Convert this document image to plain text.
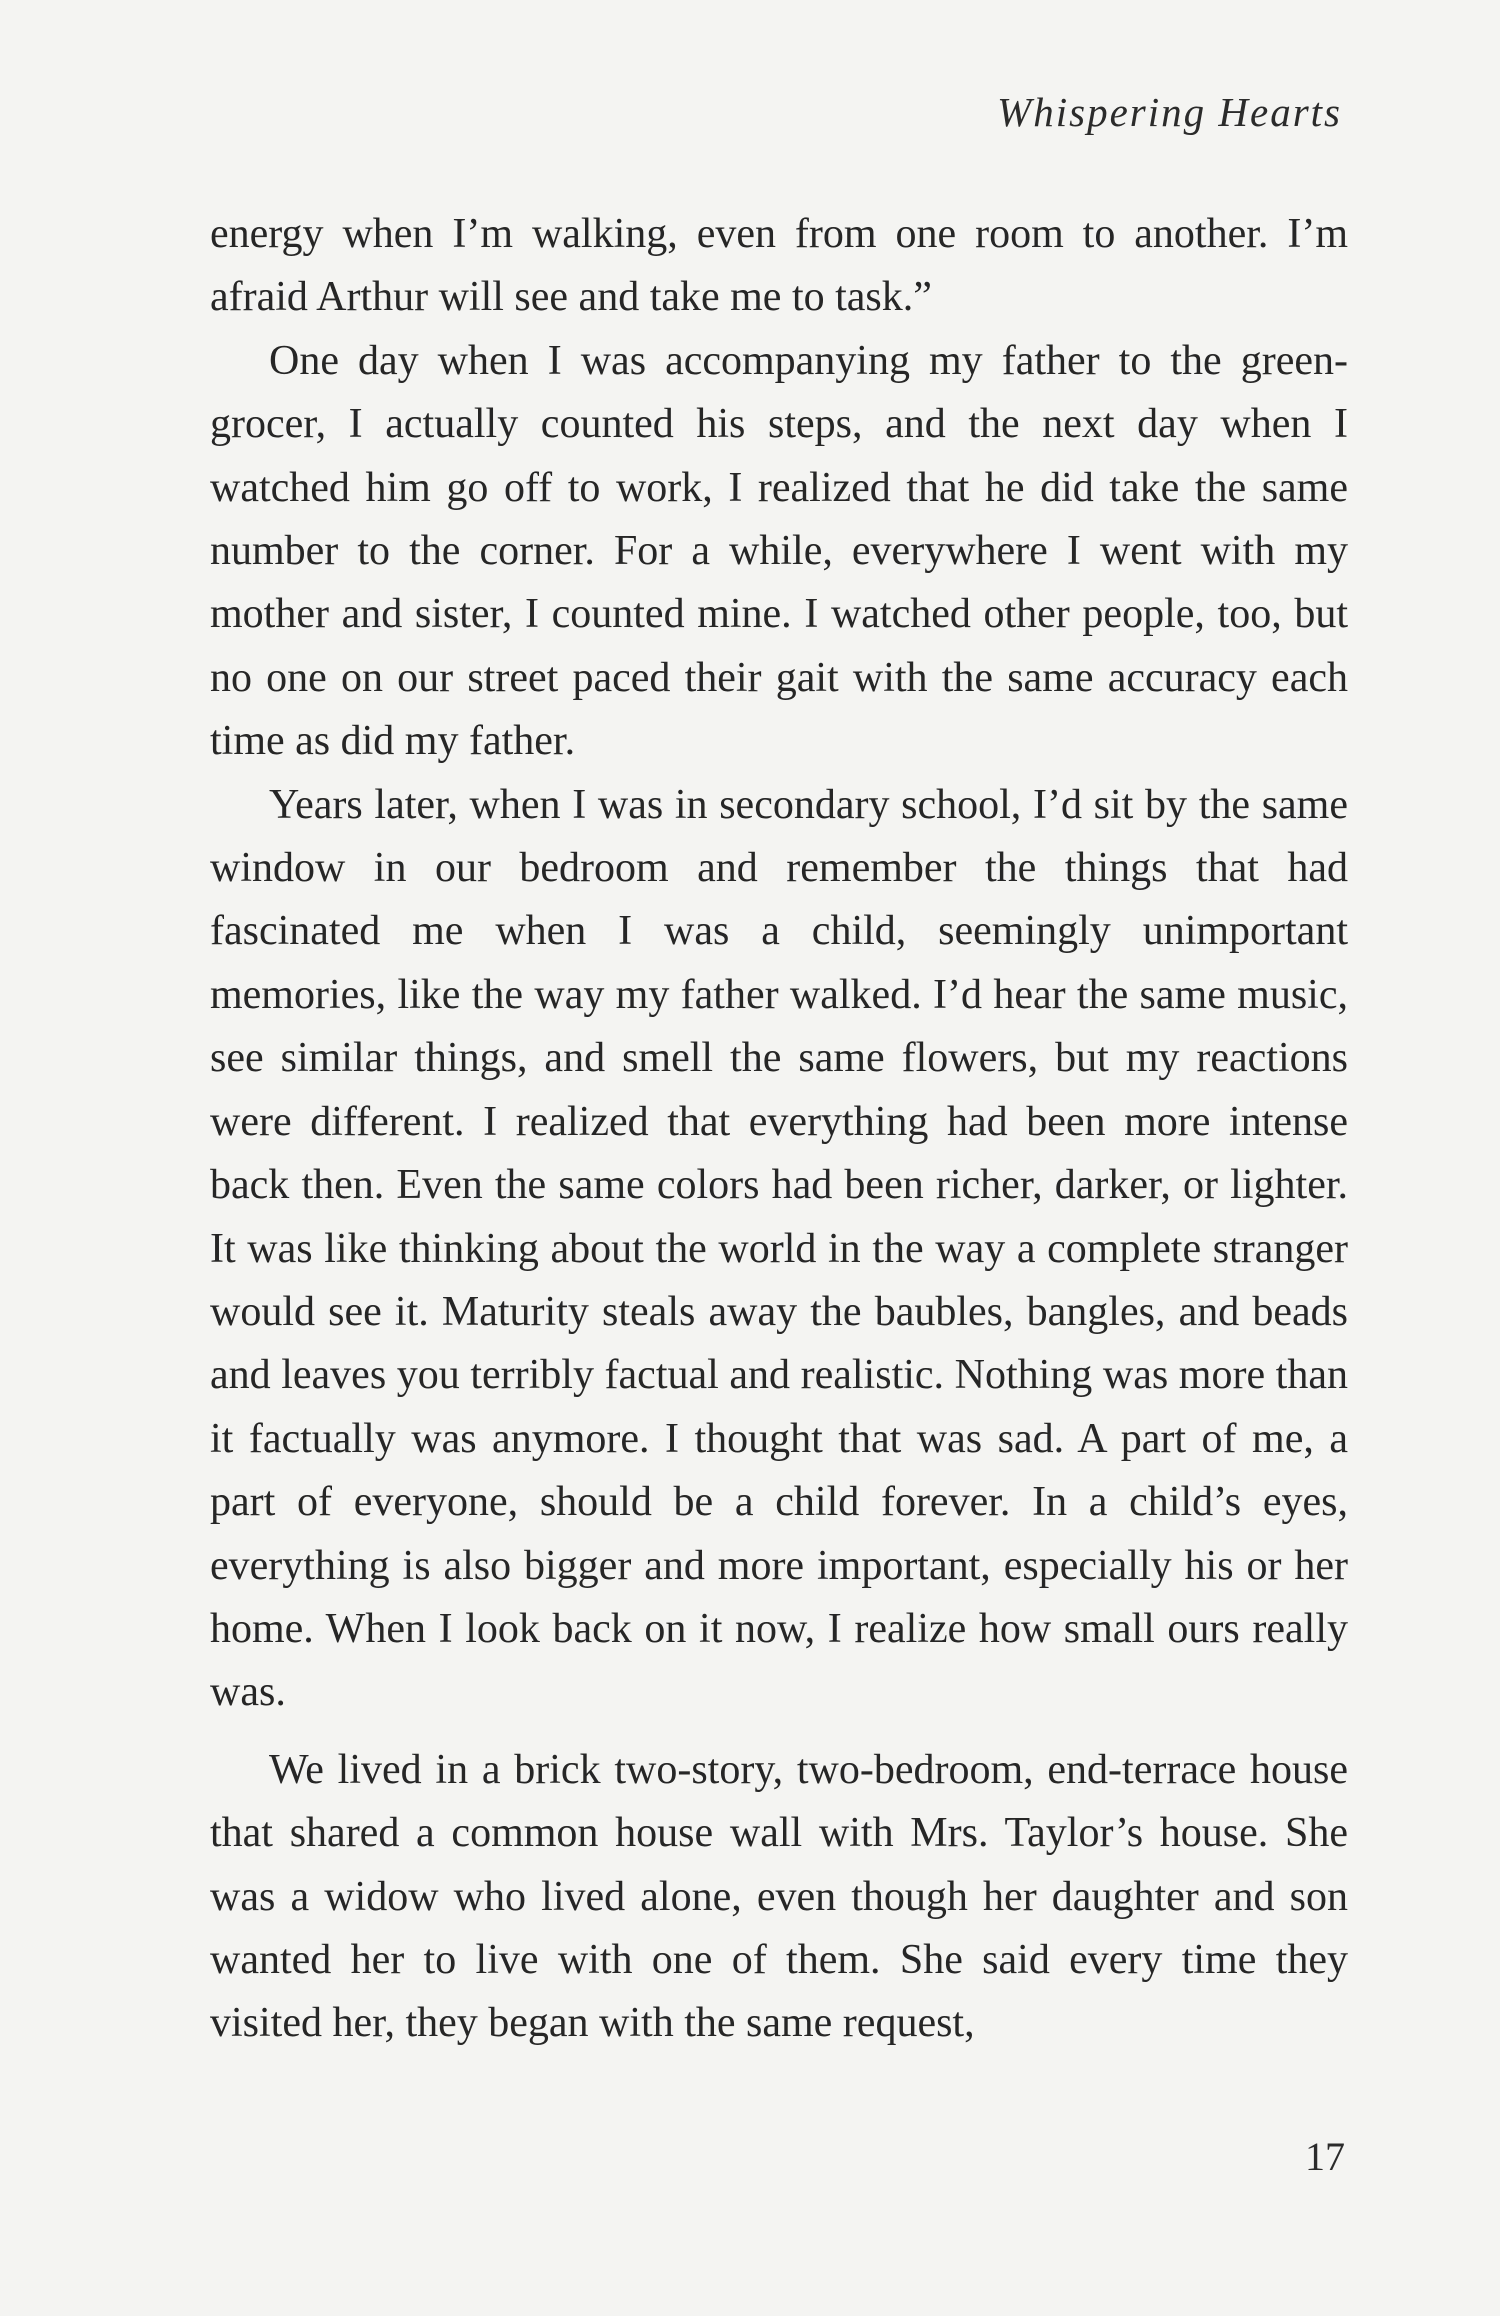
Whispering Hearts

energy when I’m walking, even from one room to another. I’m afraid Arthur will see and take me to task.”

One day when I was accompanying my father to the greengrocer, I actually counted his steps, and the next day when I watched him go off to work, I realized that he did take the same number to the corner. For a while, everywhere I went with my mother and sister, I counted mine. I watched other people, too, but no one on our street paced their gait with the same accuracy each time as did my father.

Years later, when I was in secondary school, I’d sit by the same window in our bedroom and remember the things that had fascinated me when I was a child, seemingly unimportant memories, like the way my father walked. I’d hear the same music, see similar things, and smell the same flowers, but my reactions were different. I realized that everything had been more intense back then. Even the same colors had been richer, darker, or lighter. It was like thinking about the world in the way a complete stranger would see it. Maturity steals away the baubles, bangles, and beads and leaves you terribly factual and realistic. Nothing was more than it factually was anymore. I thought that was sad. A part of me, a part of everyone, should be a child forever. In a child’s eyes, everything is also bigger and more important, especially his or her home. When I look back on it now, I realize how small ours really was.

We lived in a brick two-story, two-bedroom, end-terrace house that shared a common house wall with Mrs. Taylor’s house. She was a widow who lived alone, even though her daughter and son wanted her to live with one of them. She said every time they visited her, they began with the same request,

17
